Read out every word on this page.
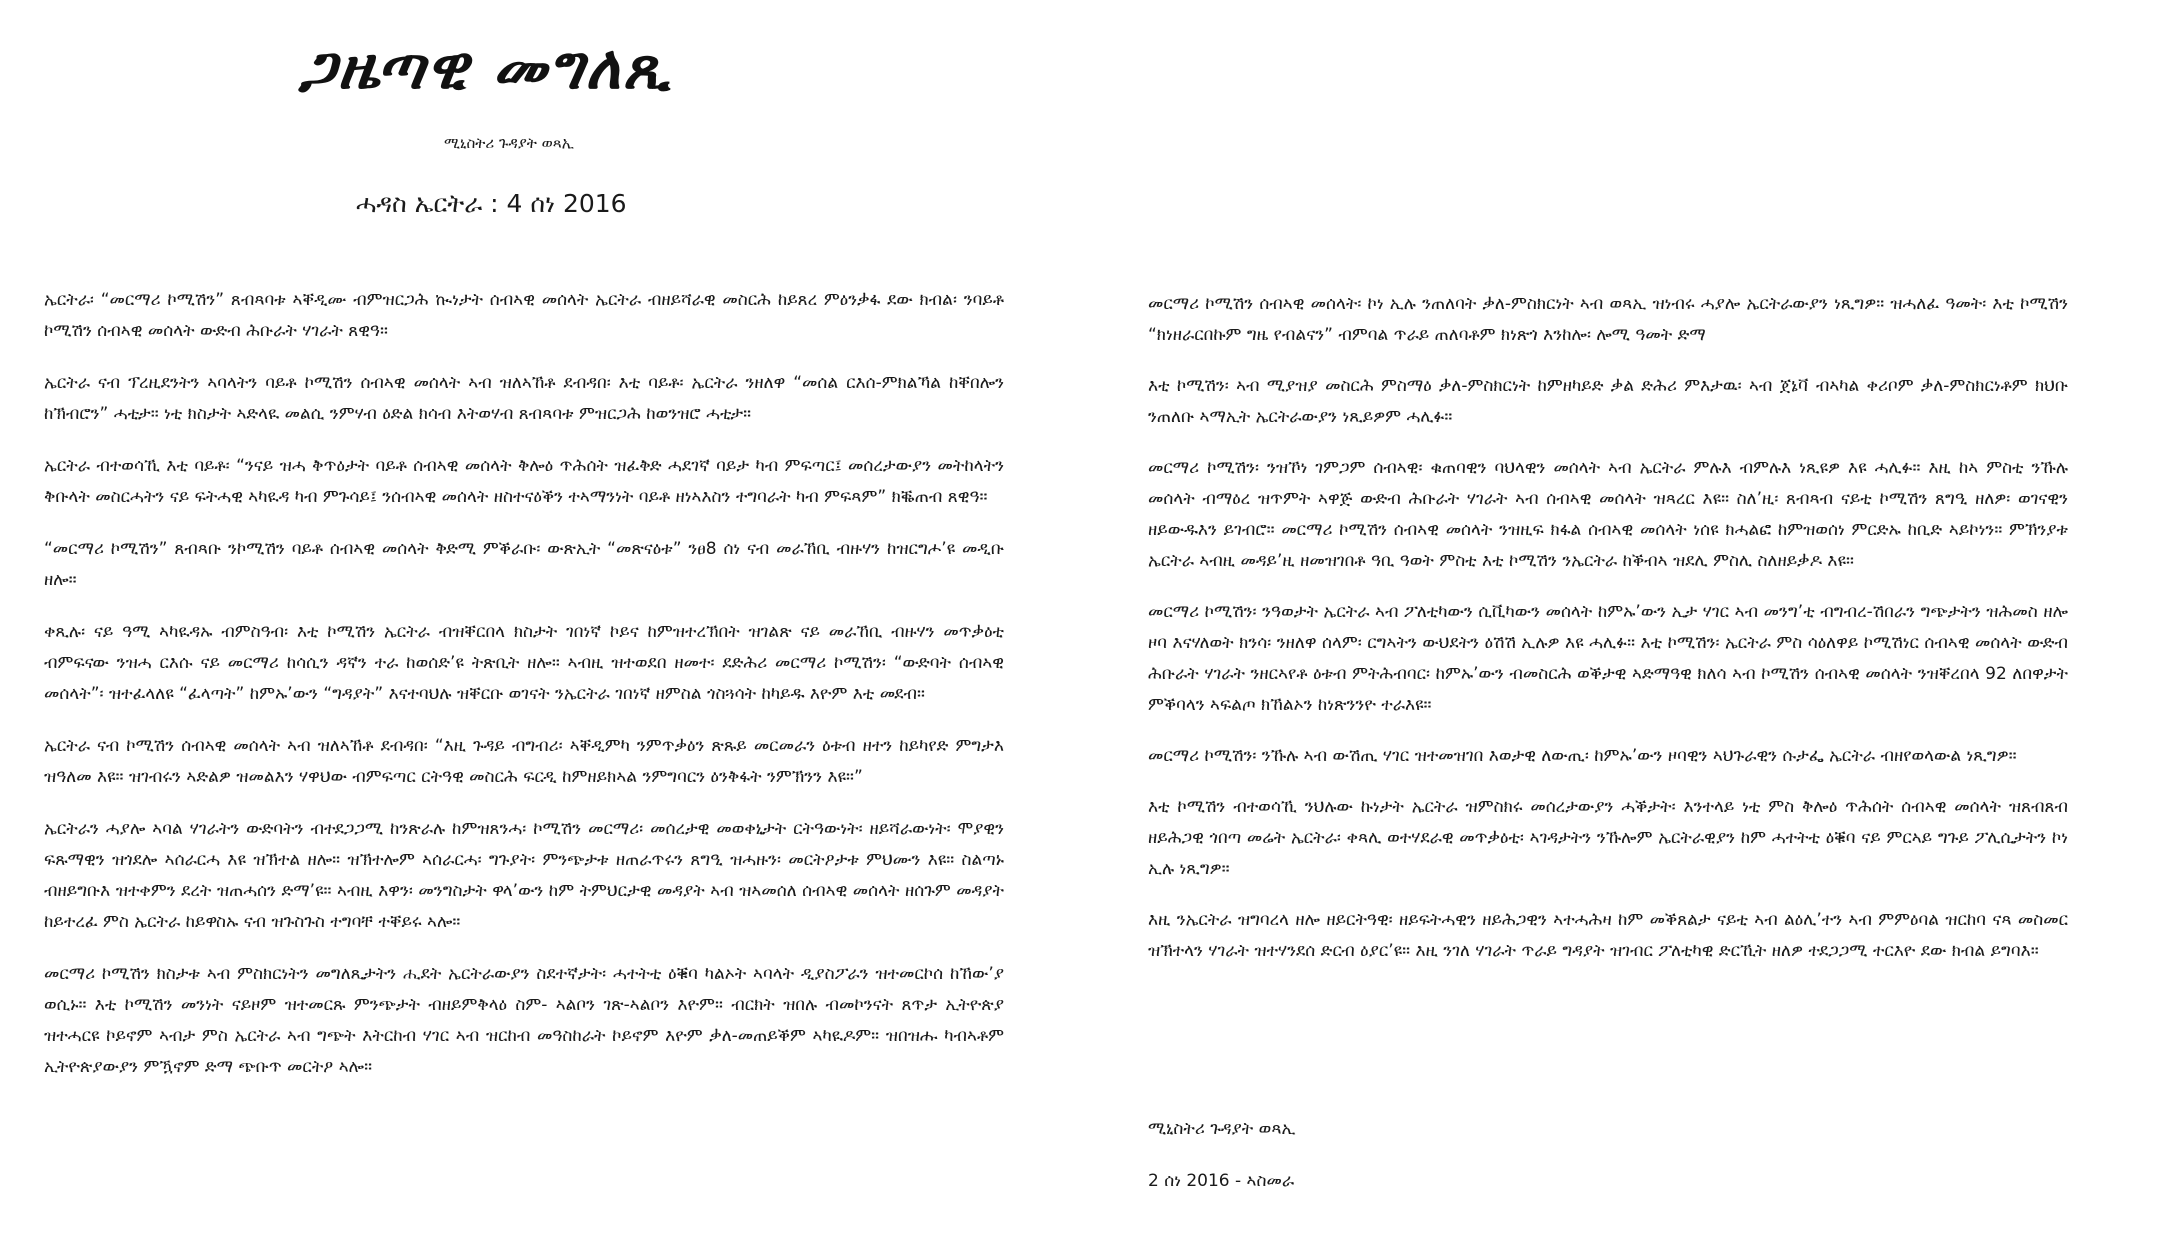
ጋዜጣዊ መግለጺ

ሚኒስትሪ ጉዳያት ወጻኢ

ሓዳስ ኤርትራ : 4 ሰነ 2016

ኤርትራ፡ “መርማሪ ኮሚሽን” ጸብጻባቱ ኣቐዲሙ ብምዝርጋሕ ኲነታት ሰብኣዊ መሰላት ኤርትራ ብዘይሻራዊ መስርሕ ከይጸረ ምዕንቃፋ ደው ክብል፡ ንባይቶ ኮሚሽን ሰብኣዊ መሰላት ውድብ ሕቡራት ሃገራት ጸዊዓ።

ኤርትራ ናብ ፕረዚደንትን ኣባላትን ባይቶ ኮሚሽን ሰብኣዊ መሰላት ኣብ ዝለኣኸቶ ደብዳበ፡ እቲ ባይቶ፡ ኤርትራ ንዘለዋ “መሰል ርእሰ-ምክልኻል ከቐበሎን ከኽብሮን” ሓቲታ። ነቲ ክስታት ኣድላዪ መልሲ ንምሃብ ዕድል ክሳብ እትወሃብ ጸብጻባቱ ምዝርጋሕ ከወንዝሮ ሓቲታ።

ኤርትራ ብተወሳኺ እቲ ባይቶ፡ “ንናይ ዝሓ ቅጥዕታት ባይቶ ሰብኣዊ መሰላት ቅሎዕ ጥሕሰት ዝፈቅድ ሓደገኛ ባይታ ካብ ምፍጣር፤ መሰረታውያን መትከላትን ቅቡላት መስርሓትን ናይ ፍትሓዊ ኣካዪዳ ካብ ምጉሳይ፤ ንሰብኣዊ መሰላት ዘስተናዕቕን ተኣማንነት ባይቶ ዘነኣእስን ተግባራት ካብ ምፍጻም” ክቘጠብ ጸዊዓ።

“መርማሪ ኮሚሽን” ጸብጻቡ ንኮሚሽን ባይቶ ሰብኣዊ መሰላት ቅድሚ ምቕራቡ፡ ውጽኢት “መጽናዕቱ” ንፀ8 ሰነ ናብ መራኸቢ ብዙሃን ከዝርግሖ’ዩ መዲቡ ዘሎ።

ቀጺሉ፡ ናይ ዓሚ ኣካዪዳኡ ብምስዓብ፡ እቲ ኮሚሽን ኤርትራ ብዝቐርበላ ክስታት ገበነኛ ኮይና ከምዝተረኽበት ዝገልጽ ናይ መራኸቢ ብዙሃን መጥቃዕቲ ብምፍናው ንዝሓ ርእሱ ናይ መርማሪ ከሳሲን ዳኛን ተራ ከወሰድ’ዩ ትጽቢት ዘሎ። ኣብዚ ዝተወደበ ዘመተ፡ ደድሕሪ መርማሪ ኮሚሽን፡ “ውድባት ሰብኣዊ መሰላት”፡ ዝተፈላለዩ “ፈላጣት” ከምኡ’ውን “ግዳያት” እናተባህሉ ዝቐርቡ ወገናት ንኤርትራ ገበነኛ ዘምስል ጎስጓሳት ከካይዱ እዮም እቲ መደብ።

ኤርትራ ናብ ኮሚሽን ሰብኣዊ መሰላት ኣብ ዝለኣኸቶ ደብዳበ፡ “እዚ ጉዳይ ብግብሪ፡ ኣቐዲምካ ንምጥቃዕን ጽጹይ መርመራን ዕቱብ ዘተን ከይካየድ ምግታእ ዝዓለመ እዩ። ዝገብሩን ኣድልዎ ዝመልእን ሃዋህው ብምፍጣር ርትዓዊ መስርሕ ፍርዲ ከምዘይክኣል ንምግባርን ዕንቅፋት ንምኽንን እዩ።”

ኤርትራን ሓያሎ ኣባል ሃገራትን ውድባትን ብተደጋጋሚ ከንጽራሉ ከምዝጸንሓ፡ ኮሚሽን መርማሪ፡ መሰረታዊ መወቀኒታት ርትዓውነት፡ ዘይሻራውነት፡ ሞያዊን ፍጹማዊን ዝጎደሎ ኣሰራርሓ እዩ ዝኽተል ዘሎ። ዝኽተሎም ኣሰራርሓ፡ ግጉያት፡ ምንጭታቱ ዘጠራጥሩን ጸግዒ ዝሓዙን፡ መርትዖታቱ ምህሙን እዩ። ስልጣኑ ብዘይግቡእ ዝተቀምን ደረት ዝጠሓሰን ድማ’ዩ። ኣብዚ እዋን፡ መንግስታት ዋላ’ውን ከም ትምህርታዊ መዳያት ኣብ ዝኣመሰለ ሰብኣዊ መሰላት ዘሰጉም መዳያት ከይተረፈ ምስ ኤርትራ ከይዋስኡ ናብ ዝጉስጉስ ተግባቸ ተቐይሩ ኣሎ።

መርማሪ ኮሚሽን ክስታቱ ኣብ ምስክርነትን መግለጺታትን ሒደት ኤርትራውያን ስደተኛታት፡ ሓተትቲ ዕቑባ ካልኦት ኣባላት ዲያስፖራን ዝተመርኮሰ ከኸው’ያ ወሲኑ። እቲ ኮሚሽን መንነት ናይዞም ዝተመርጹ ምንጭታት ብዘይምቅላዕ ስም- ኣልቦን ገጽ-ኣልቦን እዮም። ብርክት ዝበሉ ብመኮንናት ጸጥታ ኢትዮጵያ ዝተሓርዩ ኮይኖም ኣብታ ምስ ኤርትራ ኣብ ግጭት እትርከብ ሃገር ኣብ ዝርከብ መዓስከራት ኮይኖም እዮም ቃለ-መጠይቕም ኣካዪዶም። ዝበዝሑ ካብኣቶም ኢትዮጵያውያን ምዃኖም ድማ ጭቡጥ መርትዖ ኣሎ።

መርማሪ ኮሚሽን ሰብኣዊ መሰላት፡ ኮነ ኢሉ ንጠለባት ቃለ-ምስክርነት ኣብ ወጻኢ ዝነብሩ ሓያሎ ኤርትራውያን ነጺግዎ። ዝሓለፈ ዓመት፡ እቲ ኮሚሽን “ክነዘራርበኩም ግዜ የብልናን” ብምባል ጥራይ ጠለባቶም ክነጽጎ እንከሎ፡ ሎሚ ዓመት ድማ

እቲ ኮሚሽን፡ ኣብ ሚያዝያ መስርሕ ምስማዕ ቃለ-ምስክርነት ከምዘካይድ ቃል ድሕሪ ምእታዉ፡ ኣብ ጀኔቫ ብኣካል ቀሪቦም ቃለ-ምስክርነቶም ክህቡ ንጠለቡ ኣማኢት ኤርትራውያን ነጺይዎም ሓሊፉ።

መርማሪ ኮሚሽን፡ ንዝኾነ ገምጋም ሰብኣዊ፡ ቁጠባዊን ባህላዊን መሰላት ኣብ ኤርትራ ምሉእ ብምሉእ ነጺዩዎ እዩ ሓሊፉ። እዚ ከኣ ምስቲ ንኹሉ መሰላት ብማዕረ ዝጥምት ኣዋጅ ውድብ ሕቡራት ሃገራት ኣብ ሰብኣዊ መሰላት ዝጻረር እዩ። ስለ’ዚ፡ ጸብጻብ ናይቲ ኮሚሽን ጸግዒ ዘለዎ፡ ወገናዊን ዘይውዱእን ይገብሮ። መርማሪ ኮሚሽን ሰብኣዊ መሰላት ንዝዚፍ ክፋል ሰብኣዊ መሰላት ነሰዩ ክሓልፎ ከምዝወሰነ ምርድኡ ከቢድ ኣይኮነን። ምኽንያቱ ኤርትራ ኣብዚ መዳይ’ዚ ዘመዝገበቶ ዓቢ ዓወት ምስቲ እቲ ኮሚሽን ንኤርትራ ከቕብኣ ዝደሊ ምስሊ ስለዘይቃዶ እዩ።

መርማሪ ኮሚሽን፡ ንዓወታት ኤርትራ ኣብ ፖለቲካውን ሲቪካውን መሰላት ከምኡ’ውን ኢታ ሃገር ኣብ መንግ’ቲ ብግብረ-ሽበራን ግጭታትን ዝሕመስ ዘሎ ዞባ እናሃለወት ክንሳ፡ ንዘለዋ ሰላም፡ ርግኣትን ውህደትን ዕሽሽ ኢሉዎ እዩ ሓሊፉ። እቲ ኮሚሽን፡ ኤርትራ ምስ ሳዕለዋይ ኮሚሽነር ሰብኣዊ መሰላት ውድብ ሕቡራት ሃገራት ንዘርኣየቶ ዕቱብ ምትሕብባር፡ ከምኡ’ውን ብመስርሕ ወቕታዊ ኣድማዓዊ ክለሳ ኣብ ኮሚሽን ሰብኣዊ መሰላት ንዝቐረበላ 92 ለበዋታት ምቕባላን ኣፍልጦ ክኸልኦን ከነጽንንዮ ተራእዩ።

መርማሪ ኮሚሽን፡ ንኹሉ ኣብ ውሽጢ ሃገር ዝተመዝገበ እወታዊ ለውጢ፡ ከምኡ’ውን ዞባዊን ኣህጉራዊን ሱታፌ ኤርትራ ብዘየወላውል ነጺግዎ።

እቲ ኮሚሽን ብተወሳኺ ንህሉው ኩነታት ኤርትራ ዝምስክሩ መሰረታውያን ሓቕታት፡ እንተላይ ነቲ ምስ ቅሎዕ ጥሕሰት ሰብኣዊ መሰላት ዝጸብጸብ ዘይሕጋዊ ጎበጣ መሬት ኤርትራ፡ ቀጻሊ ወተሃደራዊ መጥቃዕቲ፡ ኣገዳታትን ንኹሎም ኤርትራዊያን ከም ሓተትቲ ዕቑባ ናይ ምርኣይ ግጉይ ፖሊሲታትን ኮነ ኢሉ ነጺግዎ።

እዚ ንኤርትራ ዝግባረላ ዘሎ ዘይርትዓዊ፡ ዘይፍትሓዊን ዘይሕጋዊን ኣተሓሕዛ ከም መቕጸልታ ናይቲ ኣብ ልዕሊ’ተን ኣብ ምምዕባል ዝርከባ ናጻ መስመር ዝኽተላን ሃገራት ዝተሃንደሰ ድርብ ዕያር’ዩ። እዚ ንገለ ሃገራት ጥራይ ግዳያት ዝገብር ፖለቲካዊ ድርኺት ዘለዎ ተደጋጋሚ ተርእዮ ደው ክብል ይግባእ።

ሚኒስትሪ ጉዳያት ወጻኢ

2 ሰነ 2016 - ኣስመራ
